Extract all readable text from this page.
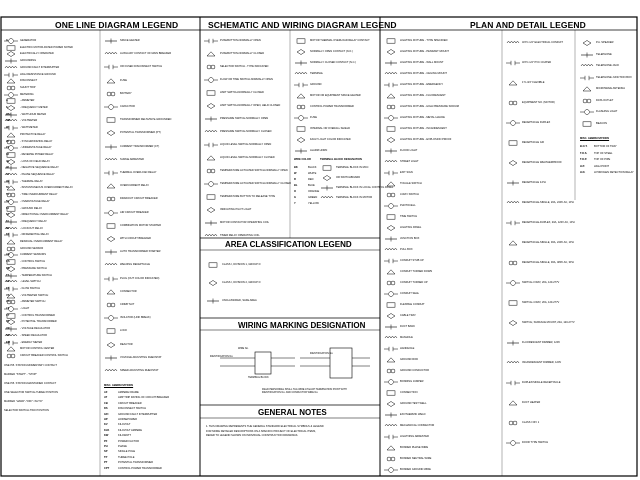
ONE LINE DIAGRAM LEGEND	SCHEMATIC AND WIRING DIAGRAM LEGEND	PLAN AND DETAIL LEGEND
AREA CLASSIFICATION LEGEND
WIRING MARKING DESIGNATION
GENERAL NOTES
G	GENERATOR
ELECTRIC MOTOR-RATED POWER NOTED
ELECTRICALLY OPERATED
GROUNDING
GROUND FAULT INTERRUPTER
HIGH RESISTANCE GROUND
DISCONNECT
SHUNT TRIP
METERING
A	- AMMETER
F	- FREQUENCY METER
WH	- WATTHOUR METER
VM	- VOLTMETER
W	- WATTMETER
PROTECTIVE RELAY
25	- SYNCHRONIZING RELAY
27	- UNDERVOLTAGE RELAY
32	- REVERSE POWER RELAY
40	- LOSS OF FIELD RELAY
46	- NEGATIVE SEQUENCE RELAY
47	- PHASE SEQUENCE RELAY
49	- THERMAL RELAY
50	- INSTANTANEOUS OVERCURRENT RELAY
51	- TIME OVERCURRENT RELAY
59	- OVERVOLTAGE RELAY
64	- GROUND RELAY
67	- DIRECTIONAL OVERCURRENT RELAY
81	- FREQUENCY RELAY
86	- LOCKOUT RELAY
87	- DIFFERENTIAL RELAY
RESIDUAL OVERCURRENT RELAY
GROUND SENSOR
AC	CURRENT SENSORS
CS	- CONTROL SWITCH
PS	- PRESSURE SWITCH
TS	- TEMPERATURE SWITCH
LS	- LEVEL SWITCH
FS	- FLOW SWITCH
VS	- VOLTMETER SWITCH
AS	- AMMETER SWITCH
LT	- LIGHT
CT	- CONTROL TRANSFORMER
PT	- POTENTIAL TRANSFORMER
VR	- VOLTAGE REGULATOR
SR	- SPEED REGULATOR
EM	- ENERGY METER
MOTOR CONTROL CENTER
CIRCUIT BREAKER CONTROL SWITCH
ONE P.B. STATION-MOMENTARY CONTACT
MARKED "START" - "STOP"
ONE P.B. STATION-MAINTAINED CONTACT
ONE SELECTOR SWITCH-THREE POSITION
MARKED "HAND"-"OFF"-"AUTO"
SELECTOR SWITCH-TWO POSITION
SPACE HEATER
AUXILIARY CONTACT OF MAIN BREAKER
OR FUSED DISCONNECT SWITCH
FUSE
BATTERY
CAPACITOR
TRANSFORMER DELTA/WYE-GROUNDED
POTENTIAL TRANSFORMER (PT)
CURRENT TRANSFORMER (CT)
SURGE ARRESTER
THERMAL OVERLOAD RELAY
OVERCURRENT RELAY
DRAWOUT CIRCUIT BREAKER
AIR CIRCUIT BREAKER
COMBINATION MOTOR STARTER
WITH CIRCUIT BREAKER
AUTO TRANSFORMER STARTER
WELDING RECEPTACLE
PLUG (OUT COLOR INDICATED)
CONNECTOR
CRIMP NUT
ISOLATOR (LINK BREAK)
LOCK
REACTOR
VOLTAGE ADJUSTING RHEOSTAT
SPEED ADJUSTING RHEOSTAT
MISC. ABBREVIATIONS
AF	AMPERE FRAME
AT	AMP TRIP RATING OF CIRCUIT BREAKER
CB	CIRCUIT BREAKER
DS	DISCONNECT SWITCH
GFI	GROUND FAULT INTERRUPTER
HP	HORSEPOWER
KV	KILOVOLT
KVA	KILOVOLT AMPERE
KW	KILOWATT
PF	POWER FACTOR
PH	PHASE
SP	SINGLE POLE
TP	THREE POLE
PT	POTENTIAL TRANSFORMER
CPT	CONTROL POWER TRANSFORMER
PUSHBUTTON-NORMALLY OPEN
PUSHBUTTON-NORMALLY CLOSED
SELECTOR SWITCH - TYPE INDICATED
FLOW OR TIME SWITCH-NORMALLY OPEN
LIMIT SWITCH-NORMALLY CLOSED
LIMIT SWITCH-NORMALLY OPEN, HELD CLOSED
PRESSURE SWITCH-NORMALLY OPEN
PRESSURE SWITCH-NORMALLY CLOSED
LIQUID LEVEL SWITCH-NORMALLY OPEN
LIQUID LEVEL SWITCH-NORMALLY CLOSED
TEMPERATURE ACTUATED SWITCH-NORMALLY OPEN
TEMPERATURE ACTUATED SWITCH-NORMALLY CLOSED
TEMPERATURE BUTTON TO RELEASE TYPE
INDICATING PILOT LIGHT
MOTOR CONTACTOR OPERATING COIL
TIMER RELAY OPERATING COIL
MOTOR THERMAL OVERLOAD RELAY CONTACT
NORMALLY OPEN CONTACT (N.O.)
NORMALLY CLOSED CONTACT (N.C.)
TERMINAL
GROUND
MOTOR OR EQUIPMENT SPACE HEATER
CONTROL POWER TRANSFORMER
FUSE
INTERNAL OR OVERALL SHIELD
FAULT LIGHT COLOR INDICATED
ALARM HORN
WIRE COLOR	TERMINAL BLOCK DESIGNATION
BK	BLACK
W	WHITE
R	RED
BL	BLUE
O	ORANGE
G	GREEN
Y	YELLOW
TERMINAL BLOCK IN MCC
OR SWITCHBOARD
TERMINAL BLOCK IN LOCAL CONTROL PANEL
TERMINAL BLOCK IN MOTOR
CLASS I, DIVISION 1, GROUP D
CLASS I, DIVISION 2, GROUP D
UNCLASSIFIED, SAFE AREA
WIRE No.
IDENTIFICATION No.
TERMINAL BLOCK
IDENTIFICATION No.
FIELD PERSONNEL SHALL TAG WIRE AT EACH TERMINATION POINT WITH IDENTIFICATION No. AND CONDUCTOR WIRE No.
1. THIS DRAWING REPRESENTS THE GENERAL STANDARD ELECTRICAL SYMBOLS & LEGEND
FOR MORE DETAILED DESCRIPTIONS ON A SPECIFIC PROJECT OF ELECTRICAL ITEMS,
REFER TO LEGEND SHOWN ON INDIVIDUAL CONSTRUCTION DRAWINGS.
LIGHTING FIXTURE - TYPE SPECIFIED
LIGHTING FIXTURE - PENDANT MOUNT
LIGHTING FIXTURE - WALL MOUNT
LIGHTING FIXTURE - CEILING MOUNT
LIGHTING FIXTURE - EMERGENCY
LIGHTING FIXTURE - FLUORESCENT
LIGHTING FIXTURE - HIGH PRESSURE SODIUM
LIGHTING FIXTURE - METAL HALIDE
LIGHTING FIXTURE - INCANDESCENT
LIGHTING FIXTURE - EXPLOSION PROOF
FLOOD LIGHT
STREET LIGHT
EXIT SIGN
TOGGLE SWITCH
3-WAY SWITCH
PHOTOCELL
TIME SWITCH
LIGHTING PANEL
JUNCTION BOX
PULL BOX
CONDUIT STUB UP
CONDUIT TURNED DOWN
CONDUIT TURNED UP
CONDUIT SEAL
FLEXIBLE CONDUIT
CABLE TRAY
DUCT BANK
MANHOLE
HANDHOLE
GROUND ROD
GROUND CONDUCTOR
BONDING JUMPER
CONNECTION
GROUND TEST WELL
EXOTHERMIC WELD
MECHANICAL CONNECTOR
LIGHTNING ARRESTER
BONDED PHASE WIRE
BONDED NEUTRAL WIRE
BONDED GROUND WIRE
3/4"C-1/4" ELECTRICAL CONDUIT
3/4"C-1/4" PVC COATED
1"C-3/4" FLEXIBLE
EQUIPMENT NO. (MOTOR)
RECEPTACLE DUPLEX
RECEPTACLE GFI
RECEPTACLE WEATHERPROOF
RECEPTACLE 3-PH
RECEPTACLE-SINGLE, 20A, 240V AC, 1PH
RECEPTACLE-DUPLEX, 20A, 120V AC, 1PH
RECEPTACLE-SINGLE, 30A, 240V AC, 1PH
RECEPTACLE-SINGLE, 30A, 480V AC, 3PH
SWITCH-3 WAY, 20A, 120-277V
SWITCH-4 WAY, 20A, 120-277V
SWITCH, SURFACE MOUNT, 20A, 120-277V
FLUORESCENT DIMMER, 120V
INCANDESCENT DIMMER, 120V
DUPLEX/SINGLE RECEPTACLE
DUCT HEATER
CLASS I DIV 1
DOOR TYPE SWITCH
P.A. SPEAKER
TELEPHONE
TELEPHONE JACK
TELEPHONE JUNCTION BOX
MICROWAVE ANTENNA
DATA OUTLET
FLASHING LIGHT
BEACON
MISC. ABBREVIATIONS
B.O.T.	BOTTOM OF TRAY
T.O.S.	TOP OF STEEL
T.O.P.	TOP OF PIPE
H.P.	HIGH POINT
H.D.	HYDROGEN DETECTION RELAY
